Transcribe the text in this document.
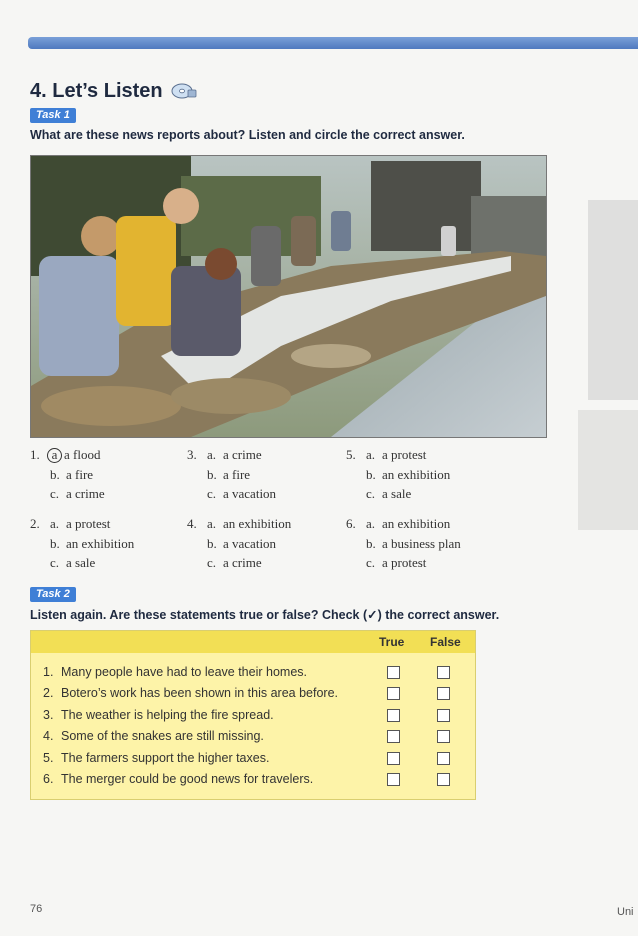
4. Let’s Listen
Task 1
What are these news reports about? Listen and circle the correct answer.
1. a a flood
b. a fire
c. a crime
2. a. a protest
b. an exhibition
c. a sale
3. a. a crime
b. a fire
c. a vacation
4. a. an exhibition
b. a vacation
c. a crime
5. a. a protest
b. an exhibition
c. a sale
6. a. an exhibition
b. a business plan
c. a protest
Task 2
Listen again. Are these statements true or false? Check (✓) the correct answer.
True False
1. Many people have had to leave their homes.
2. Botero’s work has been shown in this area before.
3. The weather is helping the fire spread.
4. Some of the snakes are still missing.
5. The farmers support the higher taxes.
6. The merger could be good news for travelers.
76	Uni
